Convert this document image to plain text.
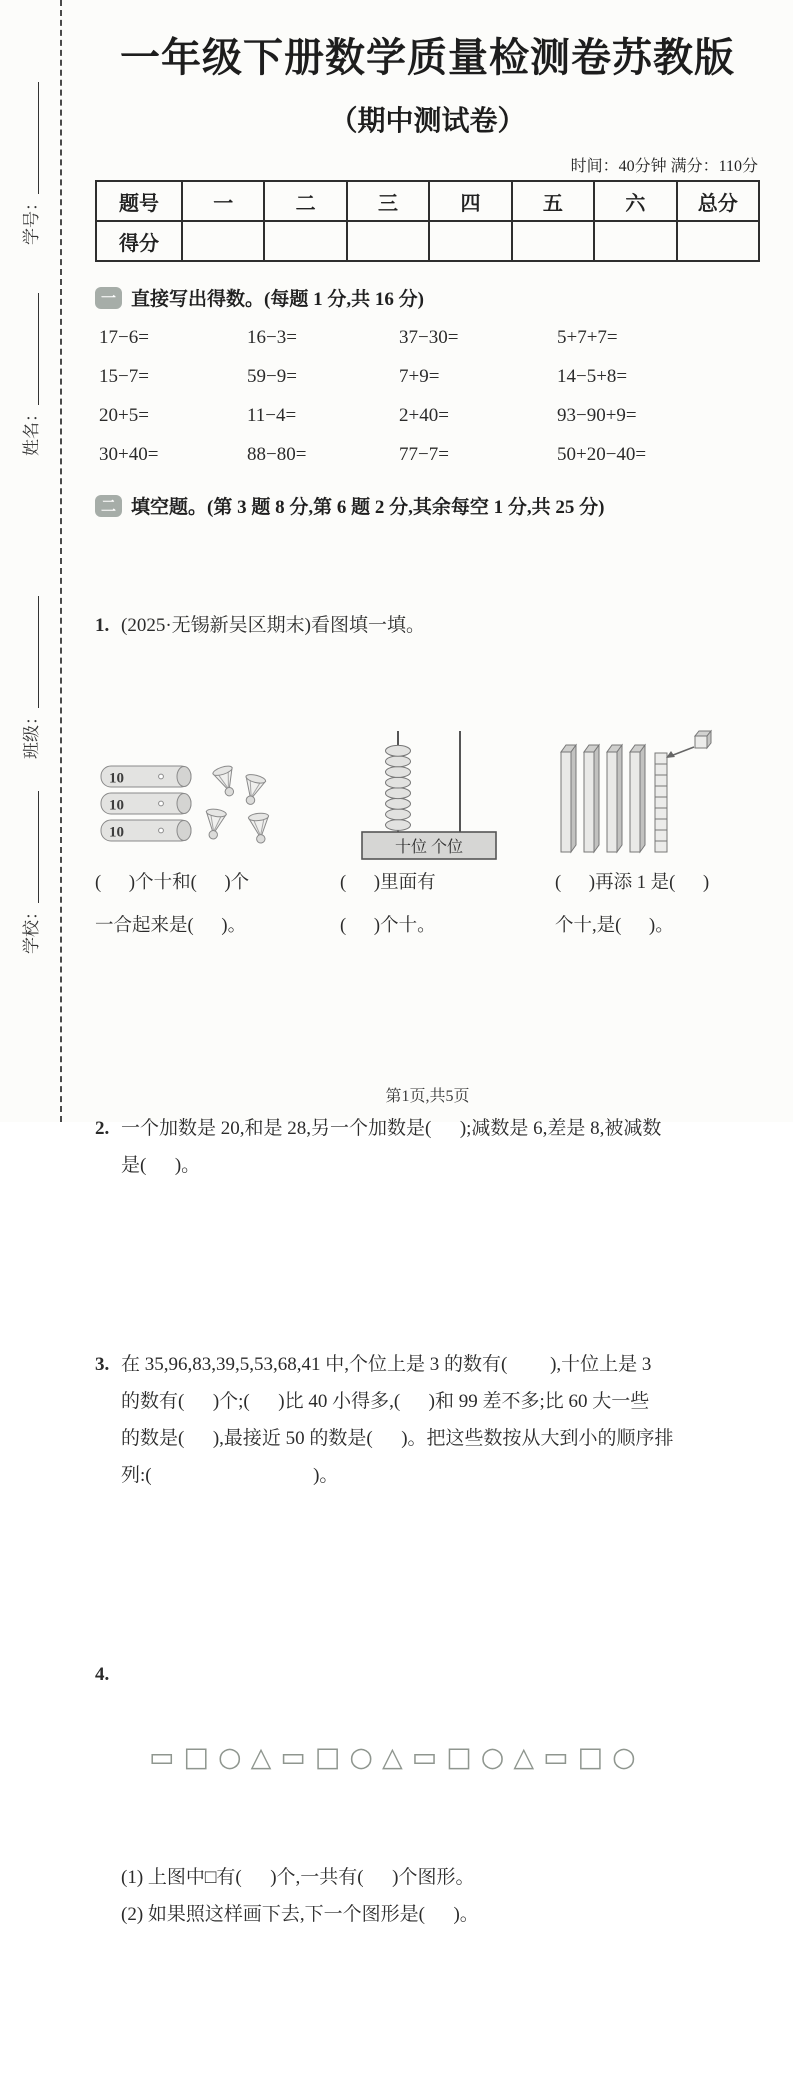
学号：
姓名：
班级：
学校：
一年级下册数学质量检测卷苏教版
（期中测试卷）
时间：40分钟 满分：110分
题号	一	二	三	四	五	六	总分
得分							
一 直接写出得数。 (每题 1 分,共 16 分)
17−6=	16−3=	37−30=	5+7+7=
15−7=	59−9=	7+9=	14−5+8=
20+5=	11−4=	2+40=	93−90+9=
30+40=	88−80=	77−7=	50+20−40=
二 填空题。 (第 3 题 8 分,第 6 题 2 分,其余每空 1 分,共 25 分)

1. (2025·无锡新吴区期末)看图填一填。

10
10
10
(      )个十和(      )个
一合起来是(      )。
十位 个位
(      )里面有
(      )个十。
(      )再添 1 是(      )
个十,是(      )。

2. 一个加数是 20,和是 28,另一个加数是(      );减数是 6,差是 8,被减数
是(      )。

3. 在 35,96,83,39,5,53,68,41 中,个位上是 3 的数有(         ),十位上是 3
的数有(      )个;(      )比 40 小得多,(      )和 99 差不多;比 60 大一些
的数是(      ),最接近 50 的数是(      )。把这些数按从大到小的顺序排
列:(                                  )。

4.

▭□○△▭□○△▭□○△▭□○

(1) 上图中□有(      )个,一共有(      )个图形。
(2) 如果照这样画下去,下一个图形是(      )。

第1页,共5页
